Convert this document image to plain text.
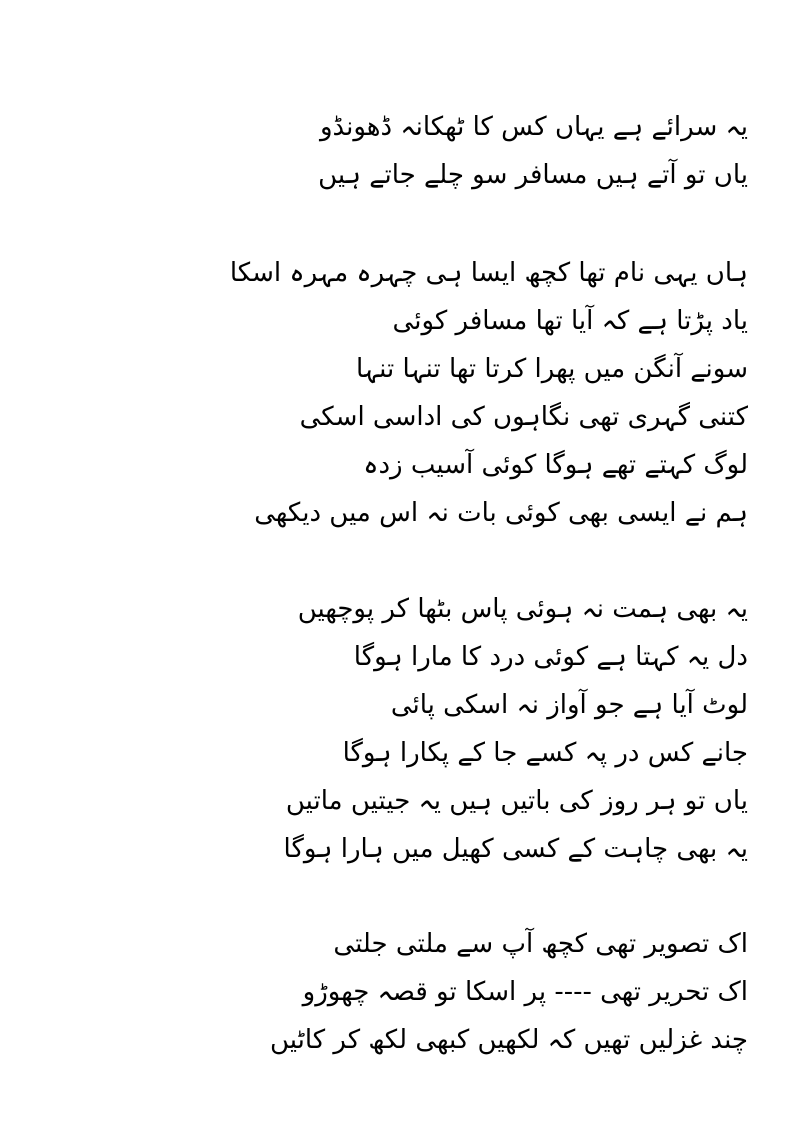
یہ سرائے ہے یہاں کس کا ٹھکانہ ڈھونڈو
یاں تو آتے ہیں مسافر سو چلے جاتے ہیں
ہاں یہی نام تھا کچھ ایسا ہی چہرہ مہرہ اسکا
یاد پڑتا ہے کہ آیا تھا مسافر کوئی
سونے آنگن میں پھرا کرتا تھا تنہا تنہا
کتنی گہری تھی نگاہوں کی اداسی اسکی
لوگ کہتے تھے ہوگا کوئی آسیب زدہ
ہم نے ایسی بھی کوئی بات نہ اس میں دیکھی
یہ بھی ہمت نہ ہوئی پاس بٹھا کر پوچھیں
دل یہ کہتا ہے کوئی درد کا مارا ہوگا
لوٹ آیا ہے جو آواز نہ اسکی پائی
جانے کس در پہ کسے جا کے پکارا ہوگا
یاں تو ہر روز کی باتیں ہیں یہ جیتیں ماتیں
یہ بھی چاہت کے کسی کھیل میں ہارا ہوگا
اک تصویر تھی کچھ آپ سے ملتی جلتی
اک تحریر تھی ---- پر اسکا تو قصہ چھوڑو
چند غزلیں تھیں کہ لکھیں کبھی لکھ کر کاٹیں
